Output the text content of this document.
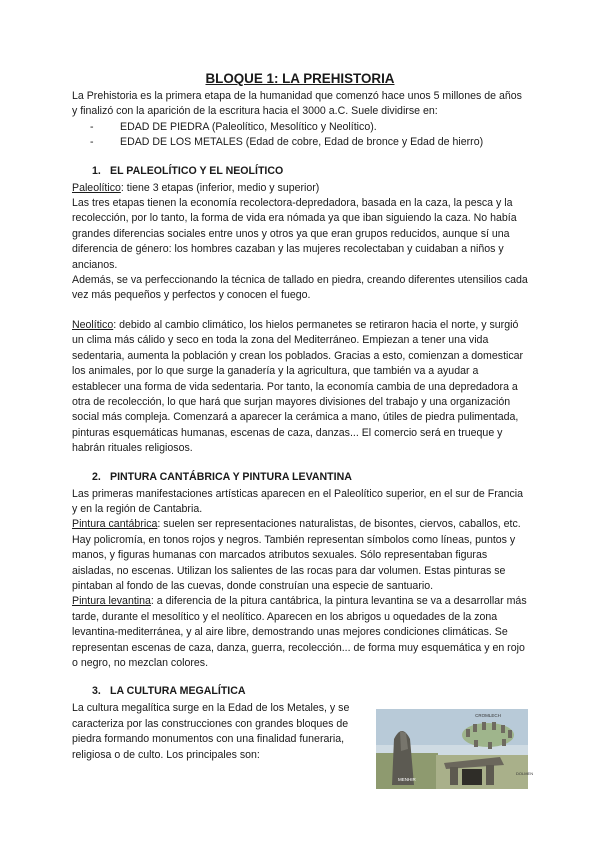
BLOQUE 1: LA PREHISTORIA

La Prehistoria es la primera etapa de la humanidad que comenzó hace unos 5 millones de años y finalizó con la aparición de la escritura hacia el 3000 a.C. Suele dividirse en:

- EDAD DE PIEDRA (Paleolítico, Mesolítico y Neolítico).
- EDAD DE LOS METALES (Edad de cobre, Edad de bronce y Edad de hierro)
1. EL PALEOLÍTICO Y EL NEOLÍTICO

Paleolítico: tiene 3 etapas (inferior, medio y superior)

Las tres etapas tienen la economía recolectora-depredadora, basada en la caza, la pesca y la recolección, por lo tanto, la forma de vida era nómada ya que iban siguiendo la caza. No había grandes diferencias sociales entre unos y otros ya que eran grupos reducidos, aunque sí una diferencia de género: los hombres cazaban y las mujeres recolectaban y cuidaban a niños y ancianos.

Además, se va perfeccionando la técnica de tallado en piedra, creando diferentes utensilios cada vez más pequeños y perfectos y conocen el fuego.

Neolítico: debido al cambio climático, los hielos permanetes se retiraron hacia el norte, y surgió un clima más cálido y seco en toda la zona del Mediterráneo. Empiezan a tener una vida sedentaria, aumenta la población y crean los poblados. Gracias a esto, comienzan a domesticar los animales, por lo que surge la ganadería y la agricultura, que también va a ayudar a establecer una forma de vida sedentaria. Por tanto, la economía cambia de una depredadora a otra de recolección, lo que hará que surjan mayores divisiones del trabajo y una organización social más compleja. Comenzará a aparecer la cerámica a mano, útiles de piedra pulimentada, pinturas esquemáticas humanas, escenas de caza, danzas... El comercio será en trueque y habrán rituales religiosos.

2. PINTURA CANTÁBRICA Y PINTURA LEVANTINA

Las primeras manifestaciones artísticas aparecen en el Paleolítico superior, en el sur de Francia y en la región de Cantabria.

Pintura cantábrica: suelen ser representaciones naturalistas, de bisontes, ciervos, caballos, etc. Hay policromía, en tonos rojos y negros. También representan símbolos como líneas, puntos y manos, y figuras humanas con marcados atributos sexuales. Sólo representaban figuras aisladas, no escenas. Utilizan los salientes de las rocas para dar volumen. Estas pinturas se pintaban al fondo de las cuevas, donde construían una especie de santuario.

Pintura levantina: a diferencia de la pitura cantábrica, la pintura levantina se va a desarrollar más tarde, durante el mesolítico y el neolítico. Aparecen en los abrigos u oquedades de la zona levantina-mediterránea, y al aire libre, demostrando unas mejores condiciones climáticas. Se representan escenas de caza, danza, guerra, recolección... de forma muy esquemática y en rojo o negro, no mezclan colores.

3. LA CULTURA MEGALÍTICA

La cultura megalítica surge en la Edad de los Metales, y se caracteriza por las construcciones con grandes bloques de piedra formando monumentos con una finalidad funeraria, religiosa o de culto. Los principales son:

CROMLECH
MENHIR
DOLMEN
